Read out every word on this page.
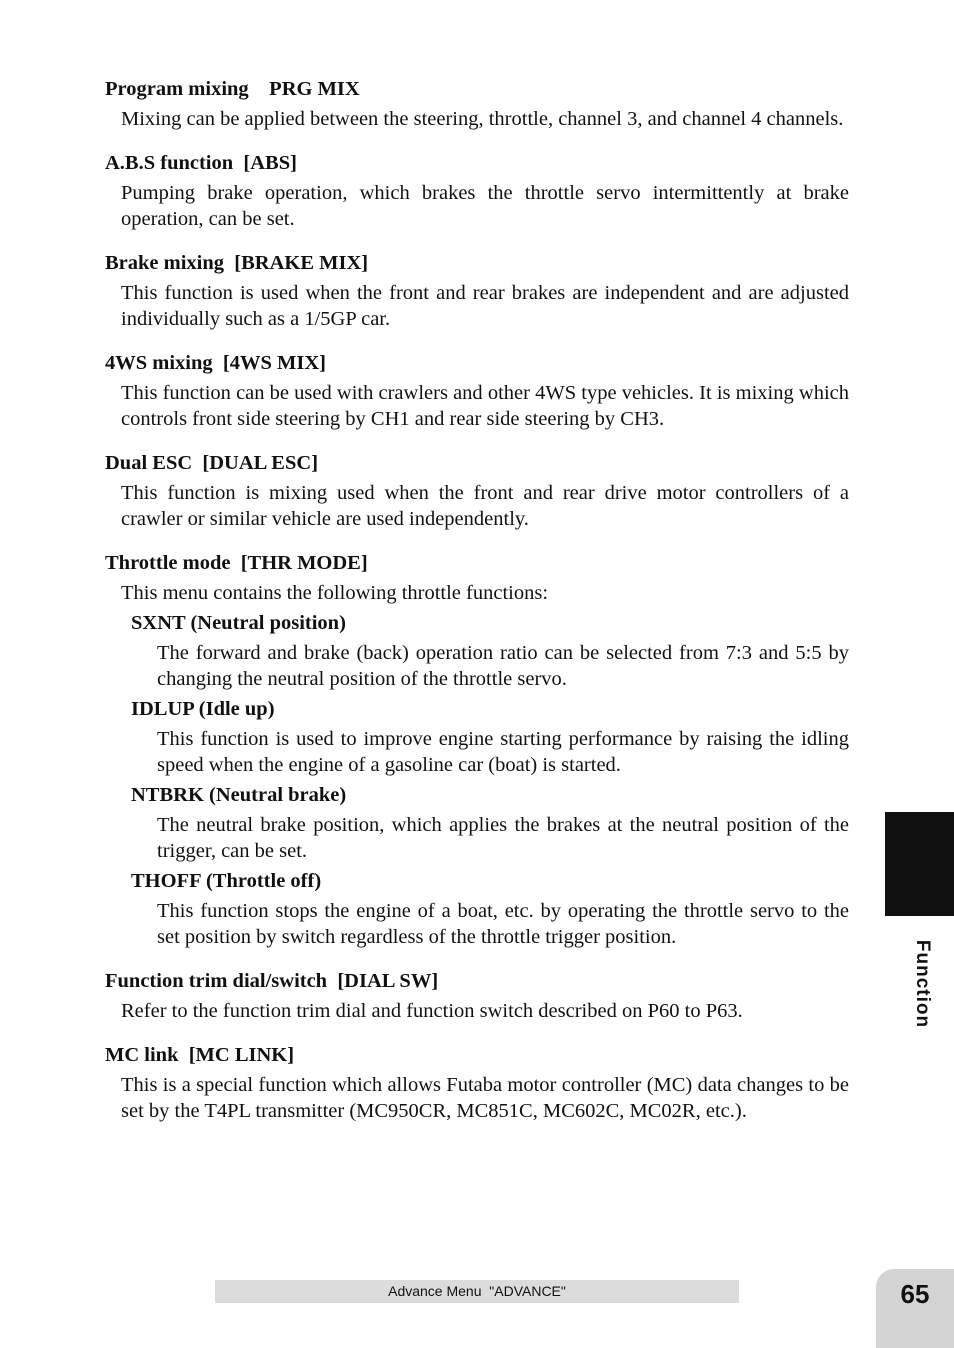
Program mixing    PRG MIX
Mixing can be applied between the steering, throttle, channel 3, and channel 4 channels.
A.B.S function  [ABS]
Pumping brake operation, which brakes the throttle servo intermittently at brake operation, can be set.
Brake mixing  [BRAKE MIX]
This function is used when the front and rear brakes are independent and are adjusted individually such as a 1/5GP car.
4WS mixing  [4WS MIX]
This function can be used with crawlers and other 4WS type vehicles. It is mixing which controls front side steering by CH1 and rear side steering by CH3.
Dual ESC  [DUAL ESC]
This function is mixing used when the front and rear drive motor controllers of a crawler or similar vehicle are used independently.
Throttle mode  [THR MODE]
This menu contains the following throttle functions:
SXNT (Neutral position)
The forward and brake (back) operation ratio can be selected from 7:3 and 5:5 by changing the neutral position of the throttle servo.
IDLUP (Idle up)
This function is used to improve engine starting performance by raising the idling speed when the engine of a gasoline car (boat) is started.
NTBRK (Neutral brake)
The neutral brake position, which applies the brakes at the neutral position of the trigger, can be set.
THOFF (Throttle off)
This function stops the engine of a boat, etc. by operating the throttle servo to the set position by switch regardless of the throttle trigger position.
Function trim dial/switch  [DIAL SW]
Refer to the function trim dial and function switch described on P60 to P63.
MC link  [MC LINK]
This is a special function which allows Futaba motor controller (MC) data changes to be set by the T4PL transmitter (MC950CR, MC851C, MC602C, MC02R, etc.).
Function
Advance Menu  "ADVANCE"	65
